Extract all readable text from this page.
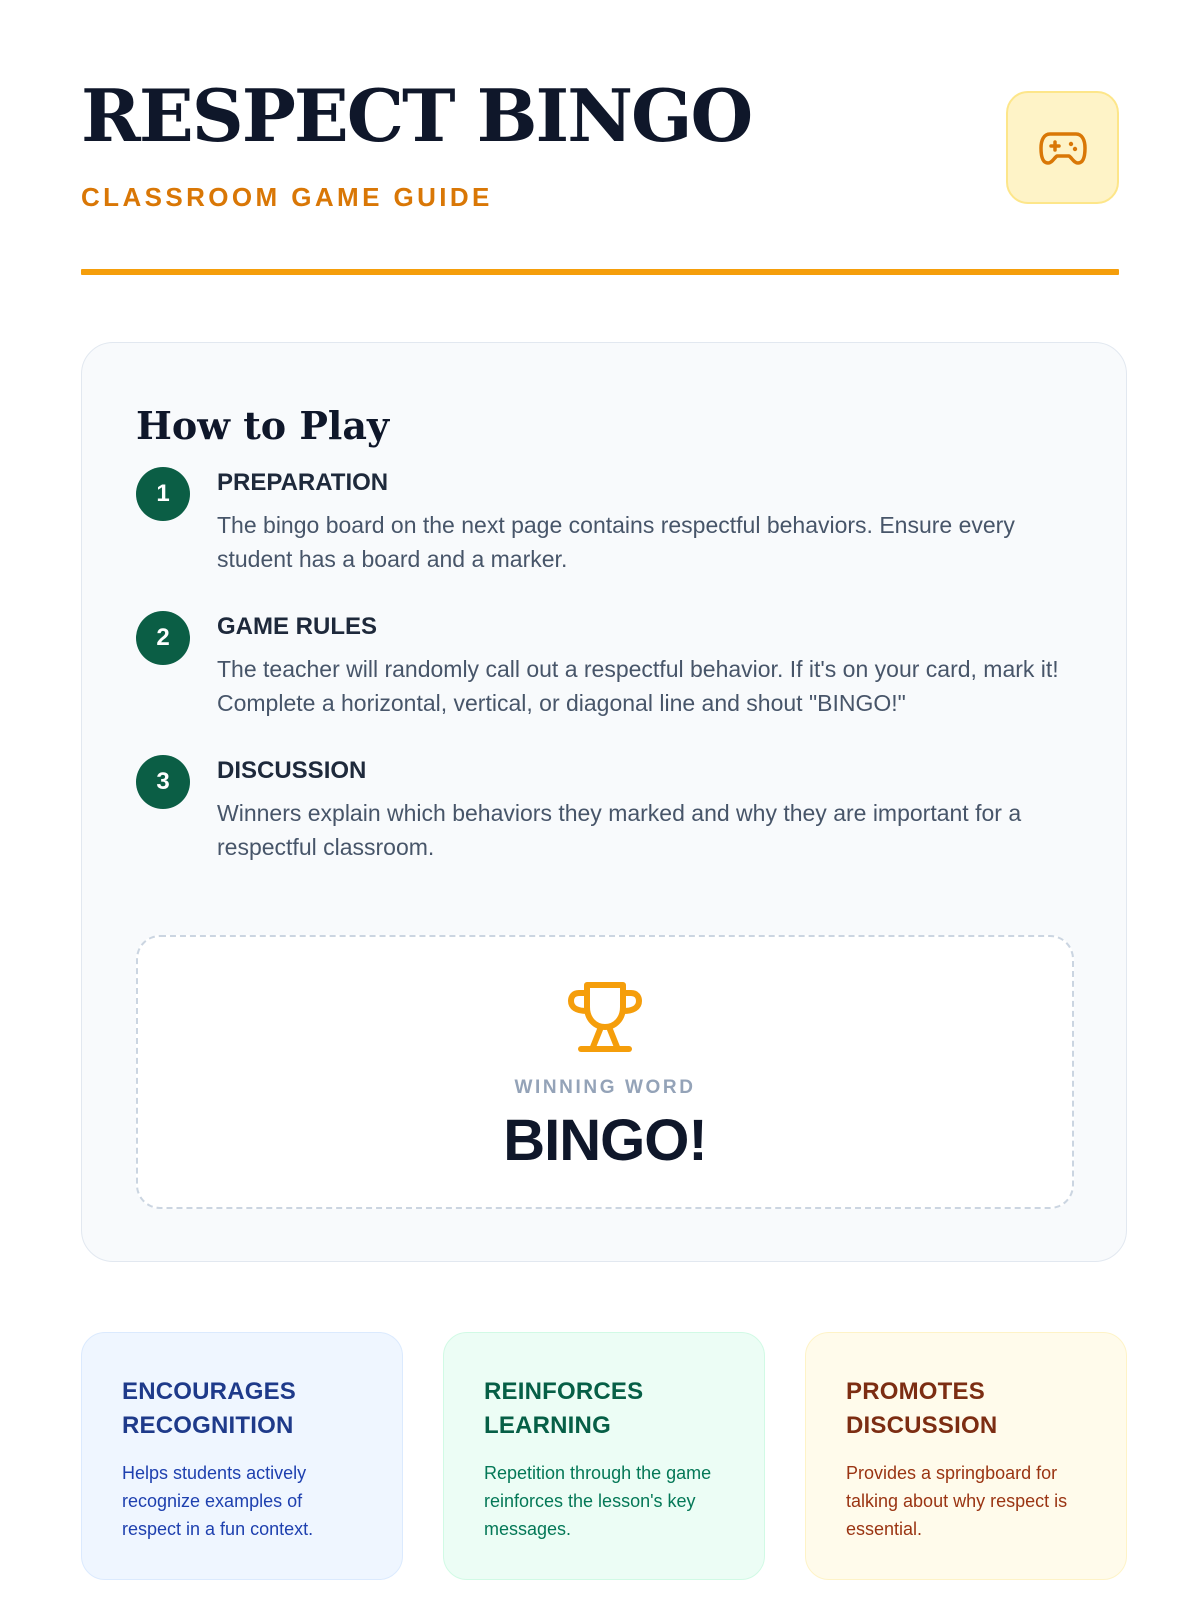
RESPECT BINGO
CLASSROOM GAME GUIDE
How to Play
1	PREPARATION
The bingo board on the next page contains respectful behaviors. Ensure every student has a board and a marker.
2	GAME RULES
The teacher will randomly call out a respectful behavior. If it's on your card, mark it! Complete a horizontal, vertical, or diagonal line and shout "BINGO!"
3	DISCUSSION
Winners explain which behaviors they marked and why they are important for a respectful classroom.
WINNING WORD
BINGO!
ENCOURAGES RECOGNITION

Helps students actively recognize examples of respect in a fun context.

REINFORCES LEARNING

Repetition through the game reinforces the lesson's key messages.

PROMOTES DISCUSSION

Provides a springboard for talking about why respect is essential.
